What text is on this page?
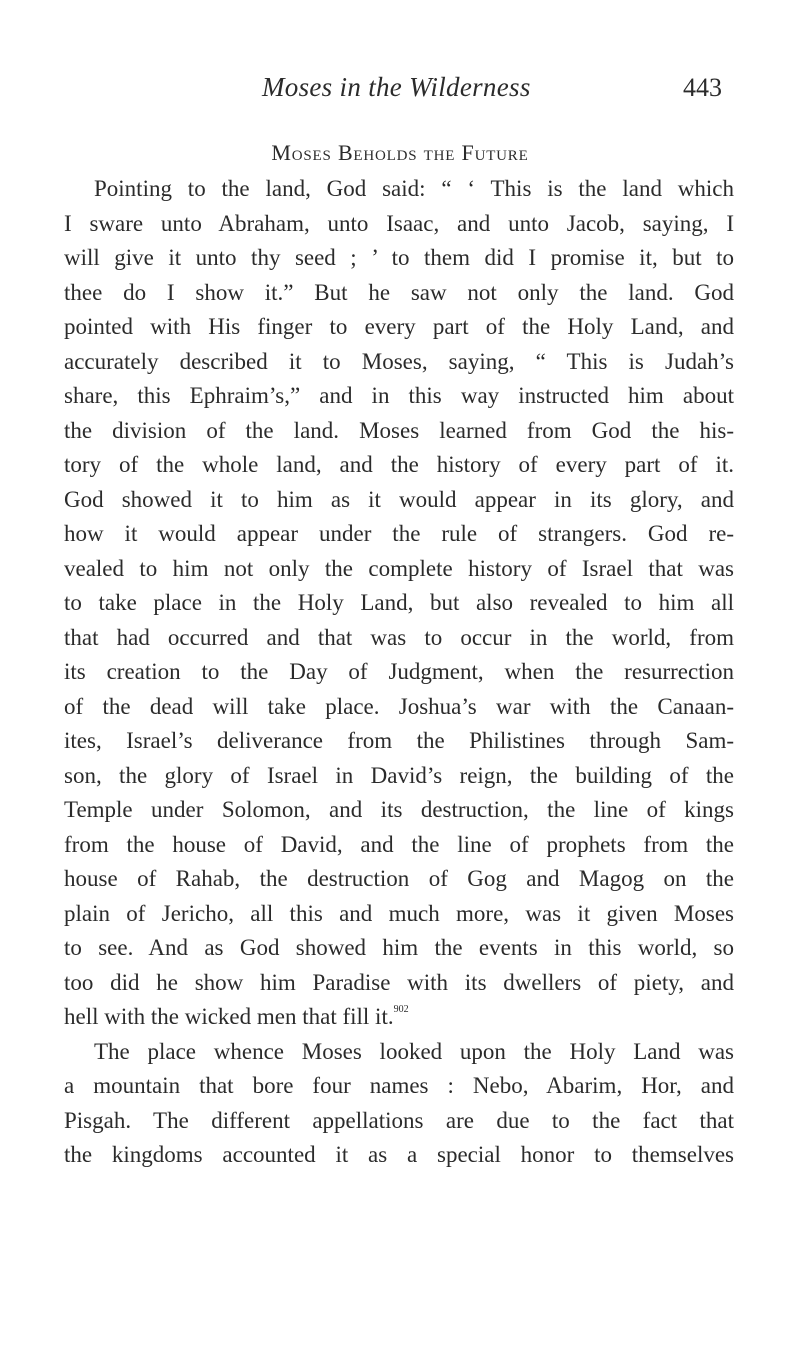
Moses in the Wilderness	443
Moses Beholds the Future
Pointing to the land, God said: “ ‘ This is the land which
I sware unto Abraham, unto Isaac, and unto Jacob, saying, I
will give it unto thy seed ; ’ to them did I promise it, but to
thee do I show it.” But he saw not only the land. God
pointed with His finger to every part of the Holy Land, and
accurately described it to Moses, saying, “ This is Judah’s
share, this Ephraim’s,” and in this way instructed him about
the division of the land. Moses learned from God the his-
tory of the whole land, and the history of every part of it.
God showed it to him as it would appear in its glory, and
how it would appear under the rule of strangers. God re-
vealed to him not only the complete history of Israel that was
to take place in the Holy Land, but also revealed to him all
that had occurred and that was to occur in the world, from
its creation to the Day of Judgment, when the resurrection
of the dead will take place. Joshua’s war with the Canaan-
ites, Israel’s deliverance from the Philistines through Sam-
son, the glory of Israel in David’s reign, the building of the
Temple under Solomon, and its destruction, the line of kings
from the house of David, and the line of prophets from the
house of Rahab, the destruction of Gog and Magog on the
plain of Jericho, all this and much more, was it given Moses
to see. And as God showed him the events in this world, so
too did he show him Paradise with its dwellers of piety, and
hell with the wicked men that fill it.$^{902}$
The place whence Moses looked upon the Holy Land was
a mountain that bore four names : Nebo, Abarim, Hor, and
Pisgah. The different appellations are due to the fact that
the kingdoms accounted it as a special honor to themselves
